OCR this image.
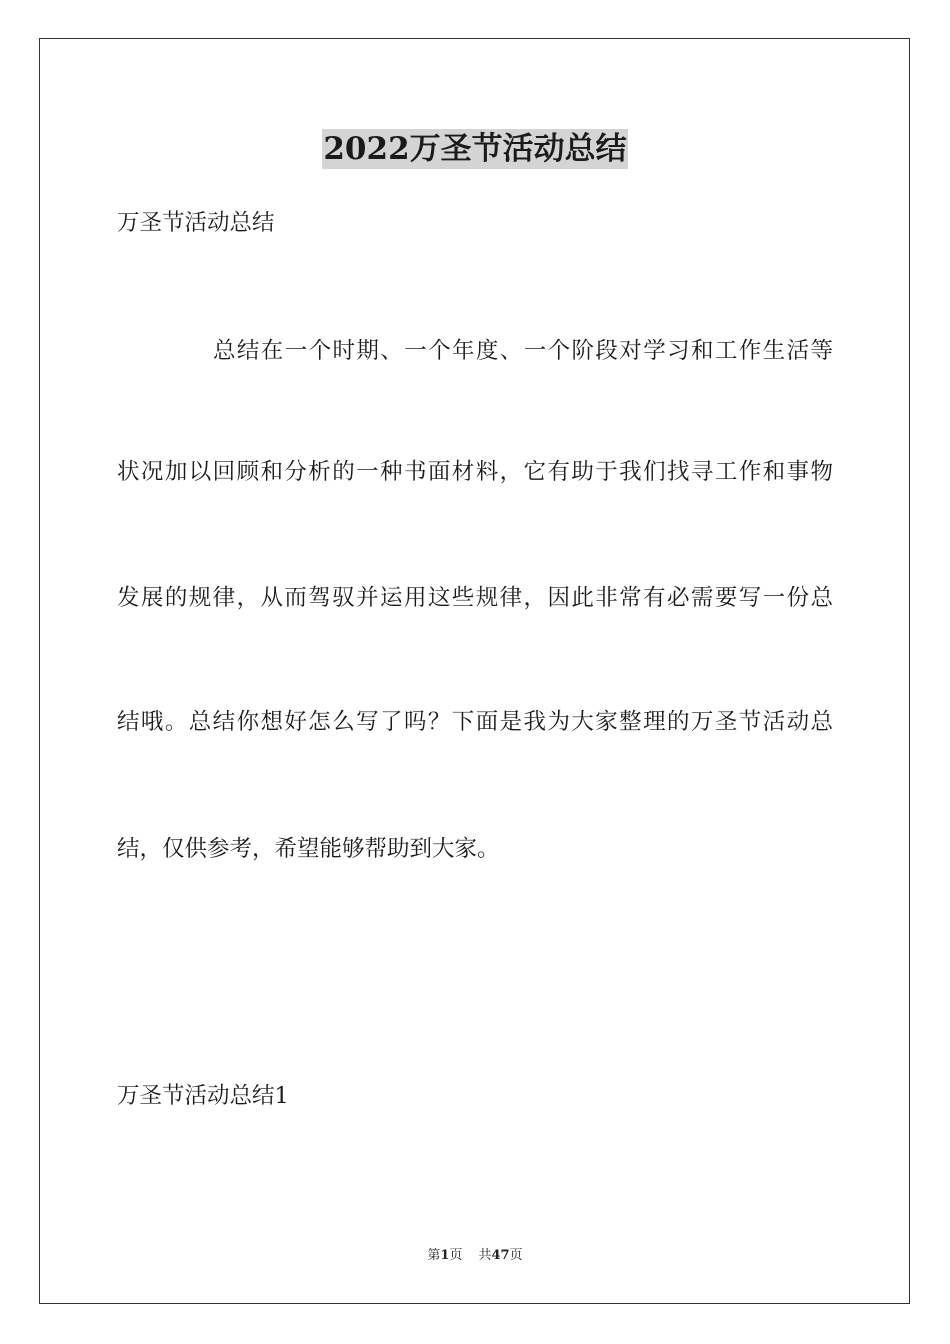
2022万圣节活动总结

万圣节活动总结

总结在一个时期、一个年度、一个阶段对学习和工作生活等

状况加以回顾和分析的一种书面材料，它有助于我们找寻工作和事物

发展的规律，从而驾驭并运用这些规律，因此非常有必需要写一份总

结哦。总结你想好怎么写了吗？下面是我为大家整理的万圣节活动总

结，仅供参考，希望能够帮助到大家。

万圣节活动总结1

第1页 共47页
